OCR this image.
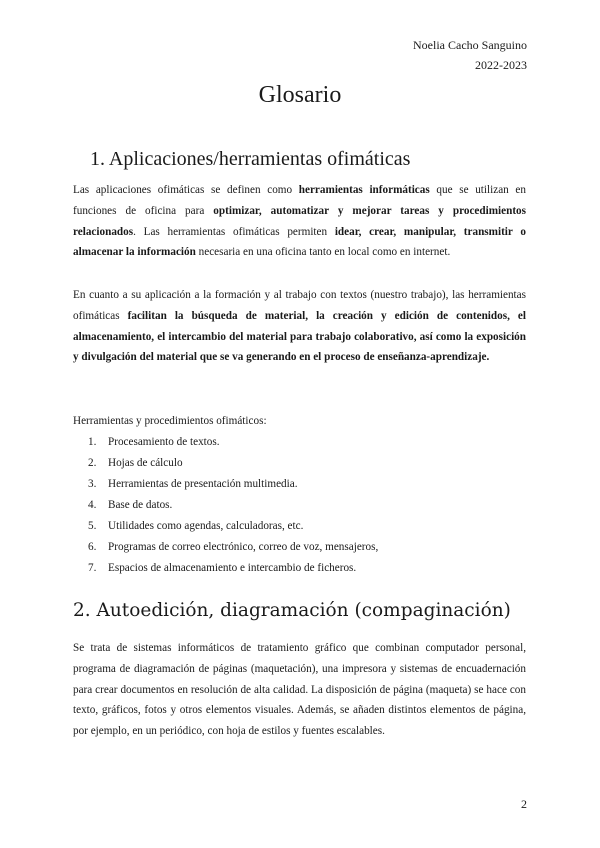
Noelia Cacho Sanguino
2022-2023
Glosario
1. Aplicaciones/herramientas ofimáticas

Las aplicaciones ofimáticas se definen como herramientas informáticas que se utilizan en funciones de oficina para optimizar, automatizar y mejorar tareas y procedimientos relacionados. Las herramientas ofimáticas permiten idear, crear, manipular, transmitir o almacenar la información necesaria en una oficina tanto en local como en internet.

En cuanto a su aplicación a la formación y al trabajo con textos (nuestro trabajo), las herramientas ofimáticas facilitan la búsqueda de material, la creación y edición de contenidos, el almacenamiento, el intercambio del material para trabajo colaborativo, así como la exposición y divulgación del material que se va generando en el proceso de enseñanza-aprendizaje.

Herramientas y procedimientos ofimáticos:
1. Procesamiento de textos.
2. Hojas de cálculo
3. Herramientas de presentación multimedia.
4. Base de datos.
5. Utilidades como agendas, calculadoras, etc.
6. Programas de correo electrónico, correo de voz, mensajeros,
7. Espacios de almacenamiento e intercambio de ficheros.
2. Autoedición, diagramación (compaginación)

Se trata de sistemas informáticos de tratamiento gráfico que combinan computador personal, programa de diagramación de páginas (maquetación), una impresora y sistemas de encuadernación para crear documentos en resolución de alta calidad. La disposición de página (maqueta) se hace con texto, gráficos, fotos y otros elementos visuales. Además, se añaden distintos elementos de página, por ejemplo, en un periódico, con hoja de estilos y fuentes escalables.

2
